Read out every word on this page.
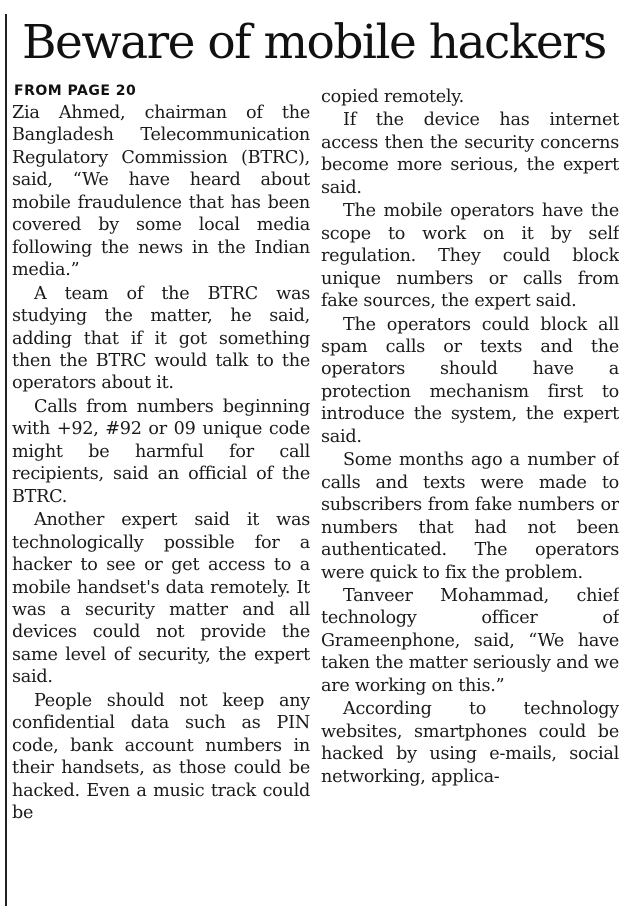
Beware of mobile hackers
FROM PAGE 20

Zia Ahmed, chairman of the Bangladesh Telecommunication Regulatory Commission (BTRC), said, “We have heard about mobile fraudulence that has been covered by some local media following the news in the Indian media.”

A team of the BTRC was studying the matter, he said, adding that if it got something then the BTRC would talk to the operators about it.

Calls from numbers beginning with +92, #92 or 09 unique code might be harmful for call recipients, said an official of the BTRC.

Another expert said it was technologically possible for a hacker to see or get access to a mobile handset's data remotely. It was a security matter and all devices could not provide the same level of security, the expert said.

People should not keep any confidential data such as PIN code, bank account numbers in their handsets, as those could be hacked. Even a music track could be

copied remotely.

If the device has internet access then the security concerns become more serious, the expert said.

The mobile operators have the scope to work on it by self regulation. They could block unique numbers or calls from fake sources, the expert said.

The operators could block all spam calls or texts and the operators should have a protection mechanism first to introduce the system, the expert said.

Some months ago a number of calls and texts were made to subscribers from fake numbers or numbers that had not been authenticated. The operators were quick to fix the problem.

Tanveer Mohammad, chief technology officer of Grameenphone, said, “We have taken the matter seriously and we are working on this.”

According to technology websites, smartphones could be hacked by using e-mails, social networking, applica-
